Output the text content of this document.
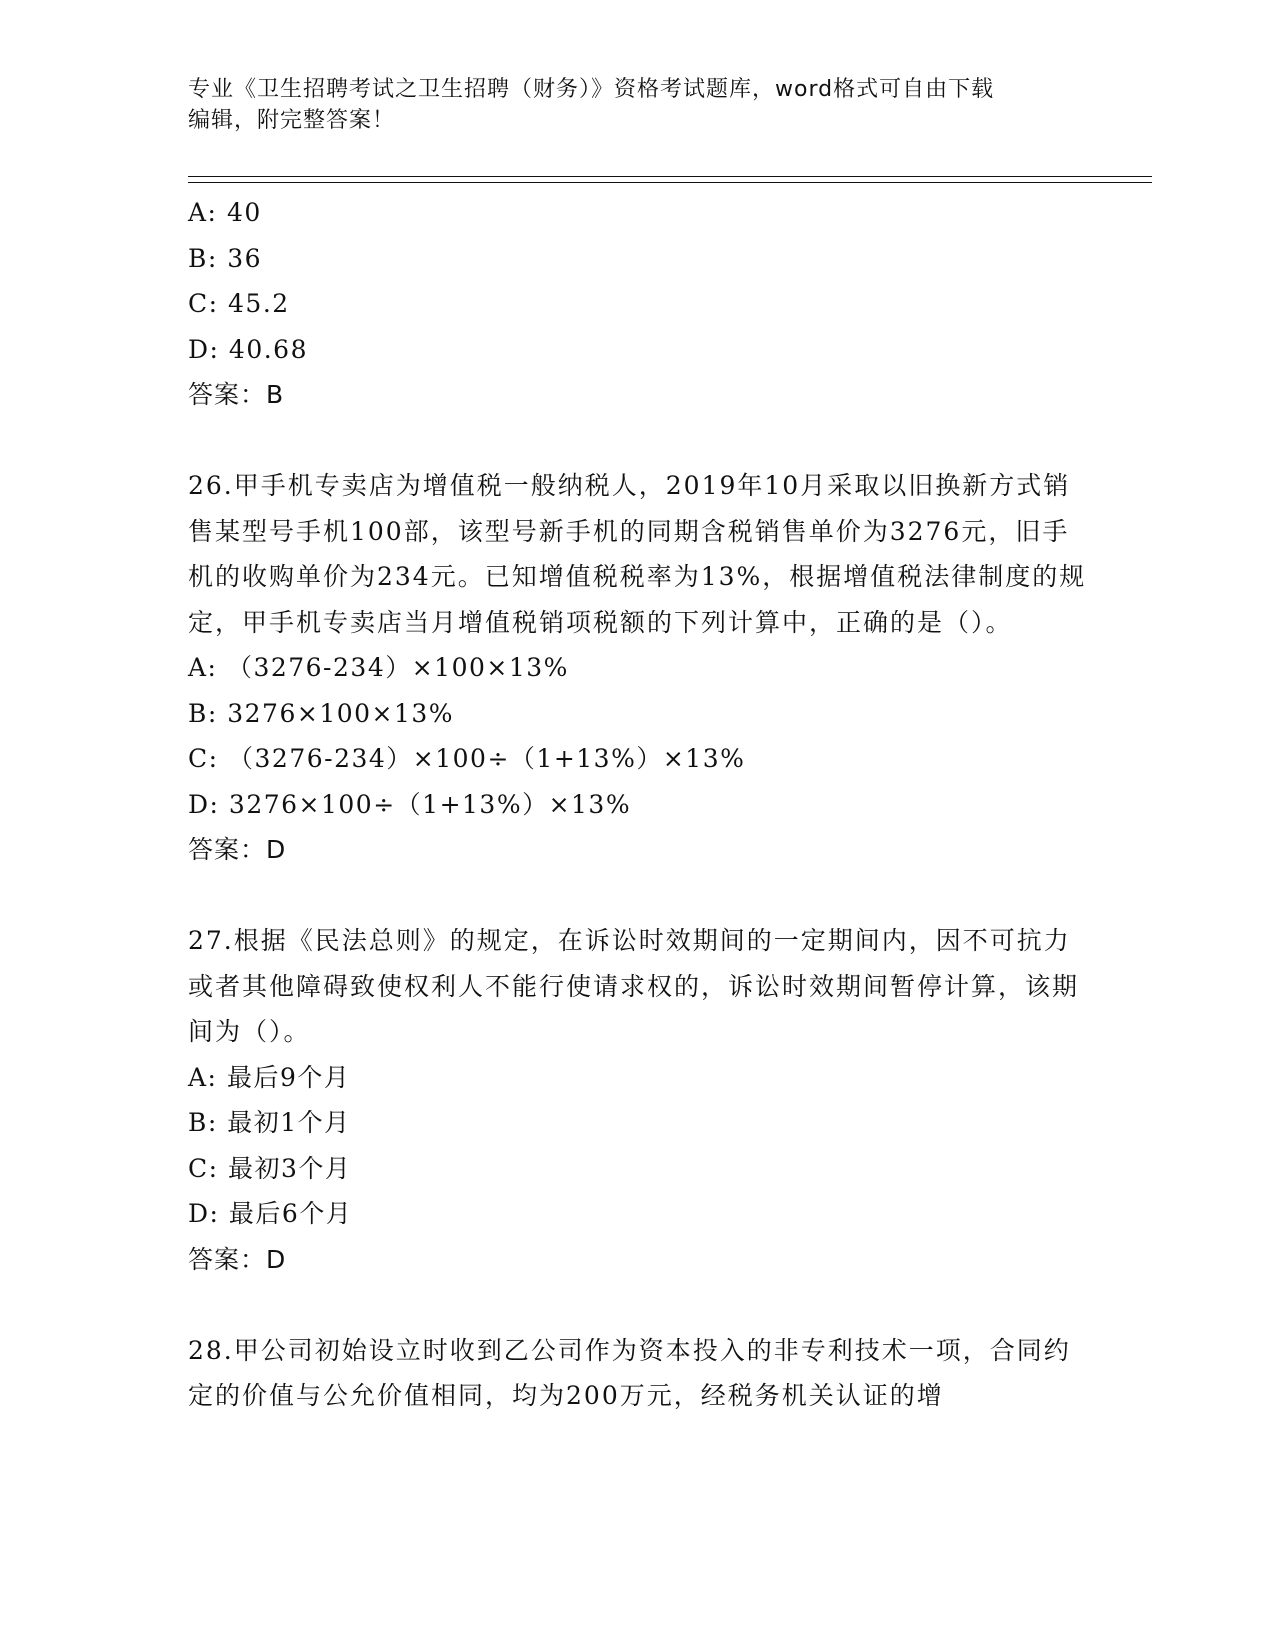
专业《卫生招聘考试之卫生招聘（财务）》资格考试题库，word格式可自由下载
编辑，附完整答案！
A: 40
B: 36
C: 45.2
D: 40.68
答案：B
26.甲手机专卖店为增值税一般纳税人，2019年10月采取以旧换新方式销售某型号手机100部，该型号新手机的同期含税销售单价为3276元，旧手机的收购单价为234元。已知增值税税率为13%，根据增值税法律制度的规定，甲手机专卖店当月增值税销项税额的下列计算中，正确的是（）。
A: （3276-234）×100×13%
B: 3276×100×13%
C: （3276-234）×100÷（1+13%）×13%
D: 3276×100÷（1+13%）×13%
答案：D
27.根据《民法总则》的规定，在诉讼时效期间的一定期间内，因不可抗力或者其他障碍致使权利人不能行使请求权的，诉讼时效期间暂停计算，该期间为（）。
A: 最后9个月
B: 最初1个月
C: 最初3个月
D: 最后6个月
答案：D
28.甲公司初始设立时收到乙公司作为资本投入的非专利技术一项，合同约定的价值与公允价值相同，均为200万元，经税务机关认证的增
